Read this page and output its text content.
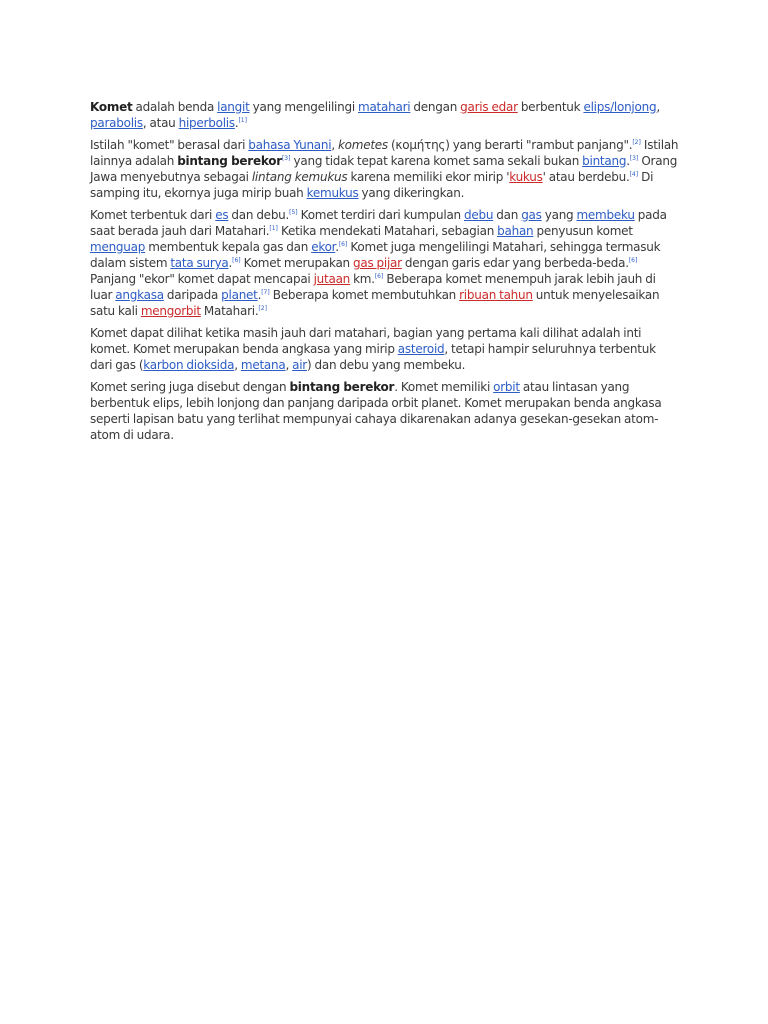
Komet adalah benda langit yang mengelilingi matahari dengan garis edar berbentuk elips/lonjong, parabolis, atau hiperbolis.[1]

Istilah "komet" berasal dari bahasa Yunani, kometes (κομήτης) yang berarti "rambut panjang".[2] Istilah lainnya adalah bintang berekor[3] yang tidak tepat karena komet sama sekali bukan bintang.[3] Orang Jawa menyebutnya sebagai lintang kemukus karena memiliki ekor mirip 'kukus' atau berdebu.[4] Di samping itu, ekornya juga mirip buah kemukus yang dikeringkan.

Komet terbentuk dari es dan debu.[5] Komet terdiri dari kumpulan debu dan gas yang membeku pada saat berada jauh dari Matahari.[1] Ketika mendekati Matahari, sebagian bahan penyusun komet menguap membentuk kepala gas dan ekor.[6] Komet juga mengelilingi Matahari, sehingga termasuk dalam sistem tata surya.[6] Komet merupakan gas pijar dengan garis edar yang berbeda-beda.[6] Panjang "ekor" komet dapat mencapai jutaan km.[6] Beberapa komet menempuh jarak lebih jauh di luar angkasa daripada planet.[7] Beberapa komet membutuhkan ribuan tahun untuk menyelesaikan satu kali mengorbit Matahari.[2]

Komet dapat dilihat ketika masih jauh dari matahari, bagian yang pertama kali dilihat adalah inti komet. Komet merupakan benda angkasa yang mirip asteroid, tetapi hampir seluruhnya terbentuk dari gas (karbon dioksida, metana, air) dan debu yang membeku.

Komet sering juga disebut dengan bintang berekor. Komet memiliki orbit atau lintasan yang berbentuk elips, lebih lonjong dan panjang daripada orbit planet. Komet merupakan benda angkasa seperti lapisan batu yang terlihat mempunyai cahaya dikarenakan adanya gesekan-gesekan atom-atom di udara.
